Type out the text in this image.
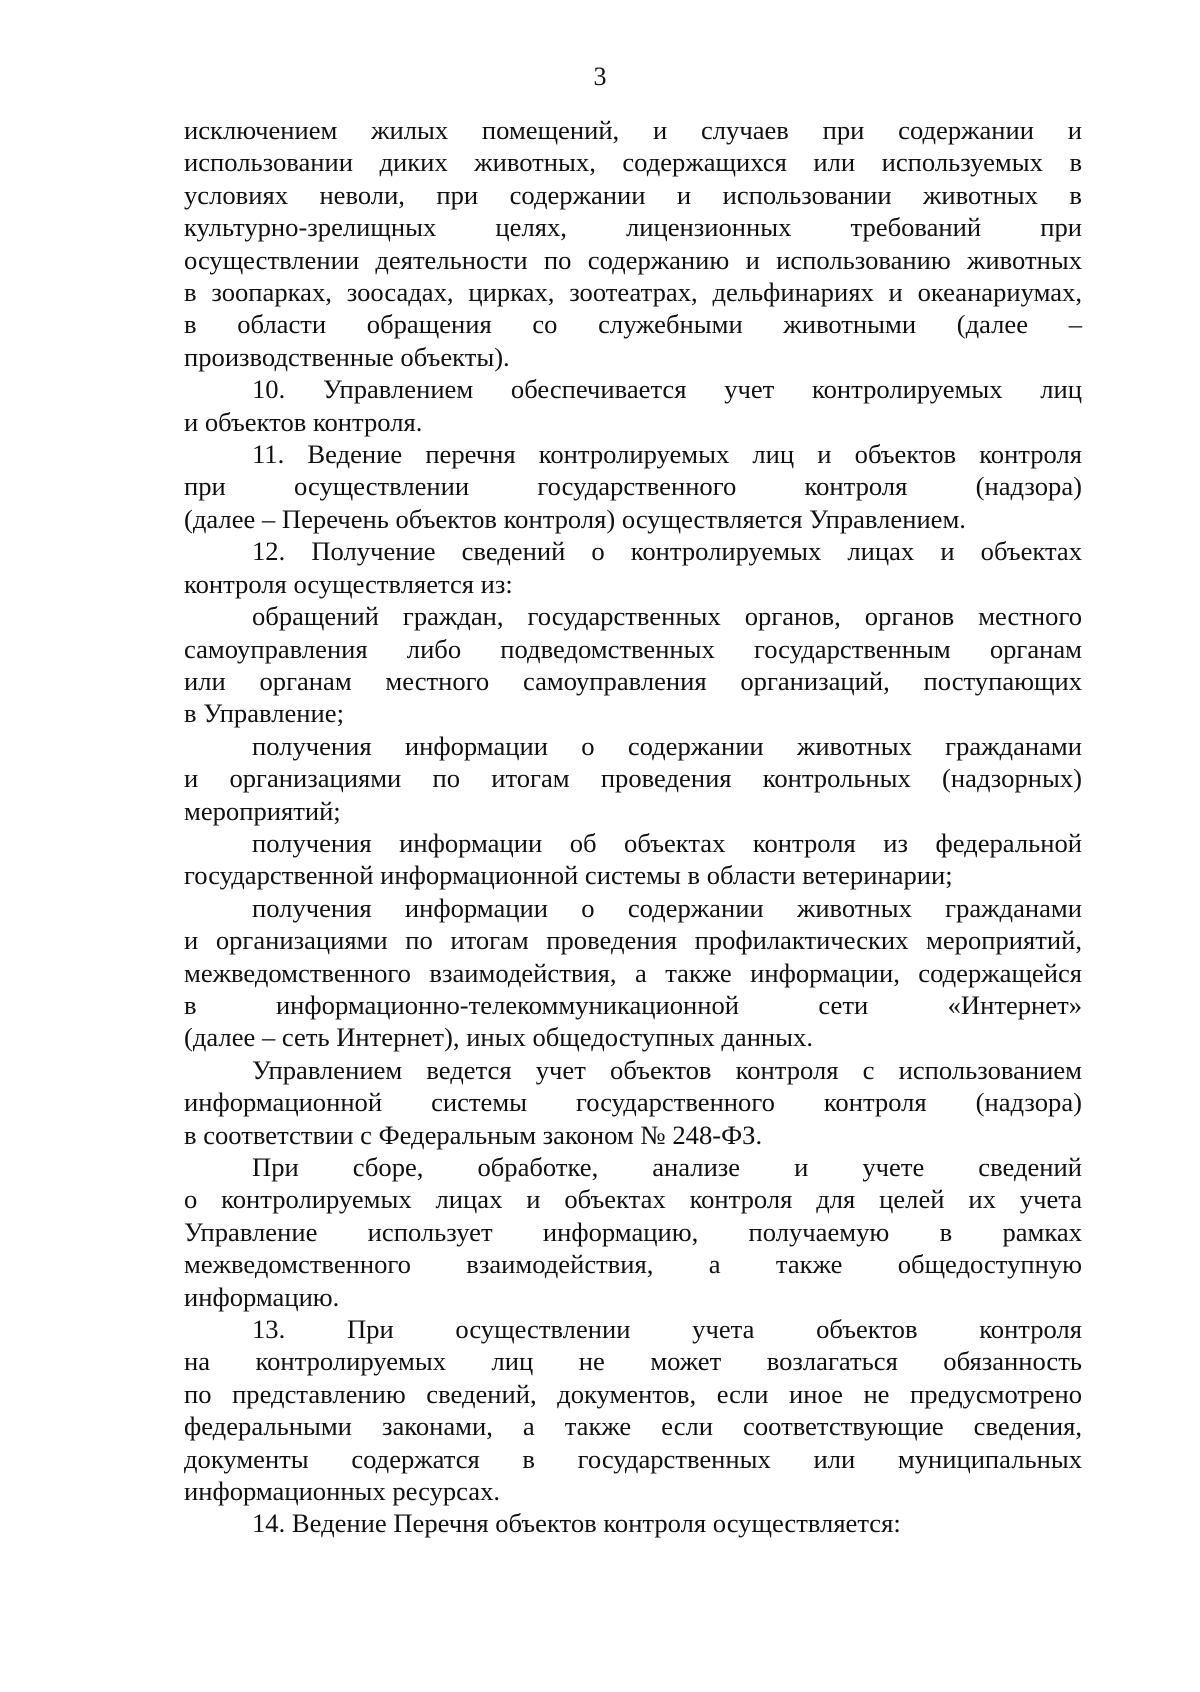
3

исключением жилых помещений, и случаев при содержании и
использовании диких животных, содержащихся или используемых в
условиях неволи, при содержании и использовании животных в
культурно-зрелищных целях, лицензионных требований при
осуществлении деятельности по содержанию и использованию животных
в зоопарках, зоосадах, цирках, зоотеатрах, дельфинариях и океанариумах,
в области обращения со служебными животными (далее –
производственные объекты).

10. Управлением обеспечивается учет контролируемых лиц
и объектов контроля.

11. Ведение перечня контролируемых лиц и объектов контроля
при осуществлении государственного контроля (надзора)
(далее – Перечень объектов контроля) осуществляется Управлением.

12. Получение сведений о контролируемых лицах и объектах
контроля осуществляется из:

обращений граждан, государственных органов, органов местного
самоуправления либо подведомственных государственным органам
или органам местного самоуправления организаций, поступающих
в Управление;

получения информации о содержании животных гражданами
и организациями по итогам проведения контрольных (надзорных)
мероприятий;

получения информации об объектах контроля из федеральной
государственной информационной системы в области ветеринарии;

получения информации о содержании животных гражданами
и организациями по итогам проведения профилактических мероприятий,
межведомственного взаимодействия, а также информации, содержащейся
в информационно-телекоммуникационной сети «Интернет»
(далее – сеть Интернет), иных общедоступных данных.

Управлением ведется учет объектов контроля с использованием
информационной системы государственного контроля (надзора)
в соответствии с Федеральным законом № 248-ФЗ.

При сборе, обработке, анализе и учете сведений
о контролируемых лицах и объектах контроля для целей их учета
Управление использует информацию, получаемую в рамках
межведомственного взаимодействия, а также общедоступную
информацию.

13. При осуществлении учета объектов контроля
на контролируемых лиц не может возлагаться обязанность
по представлению сведений, документов, если иное не предусмотрено
федеральными законами, а также если соответствующие сведения,
документы содержатся в государственных или муниципальных
информационных ресурсах.

14. Ведение Перечня объектов контроля осуществляется:
